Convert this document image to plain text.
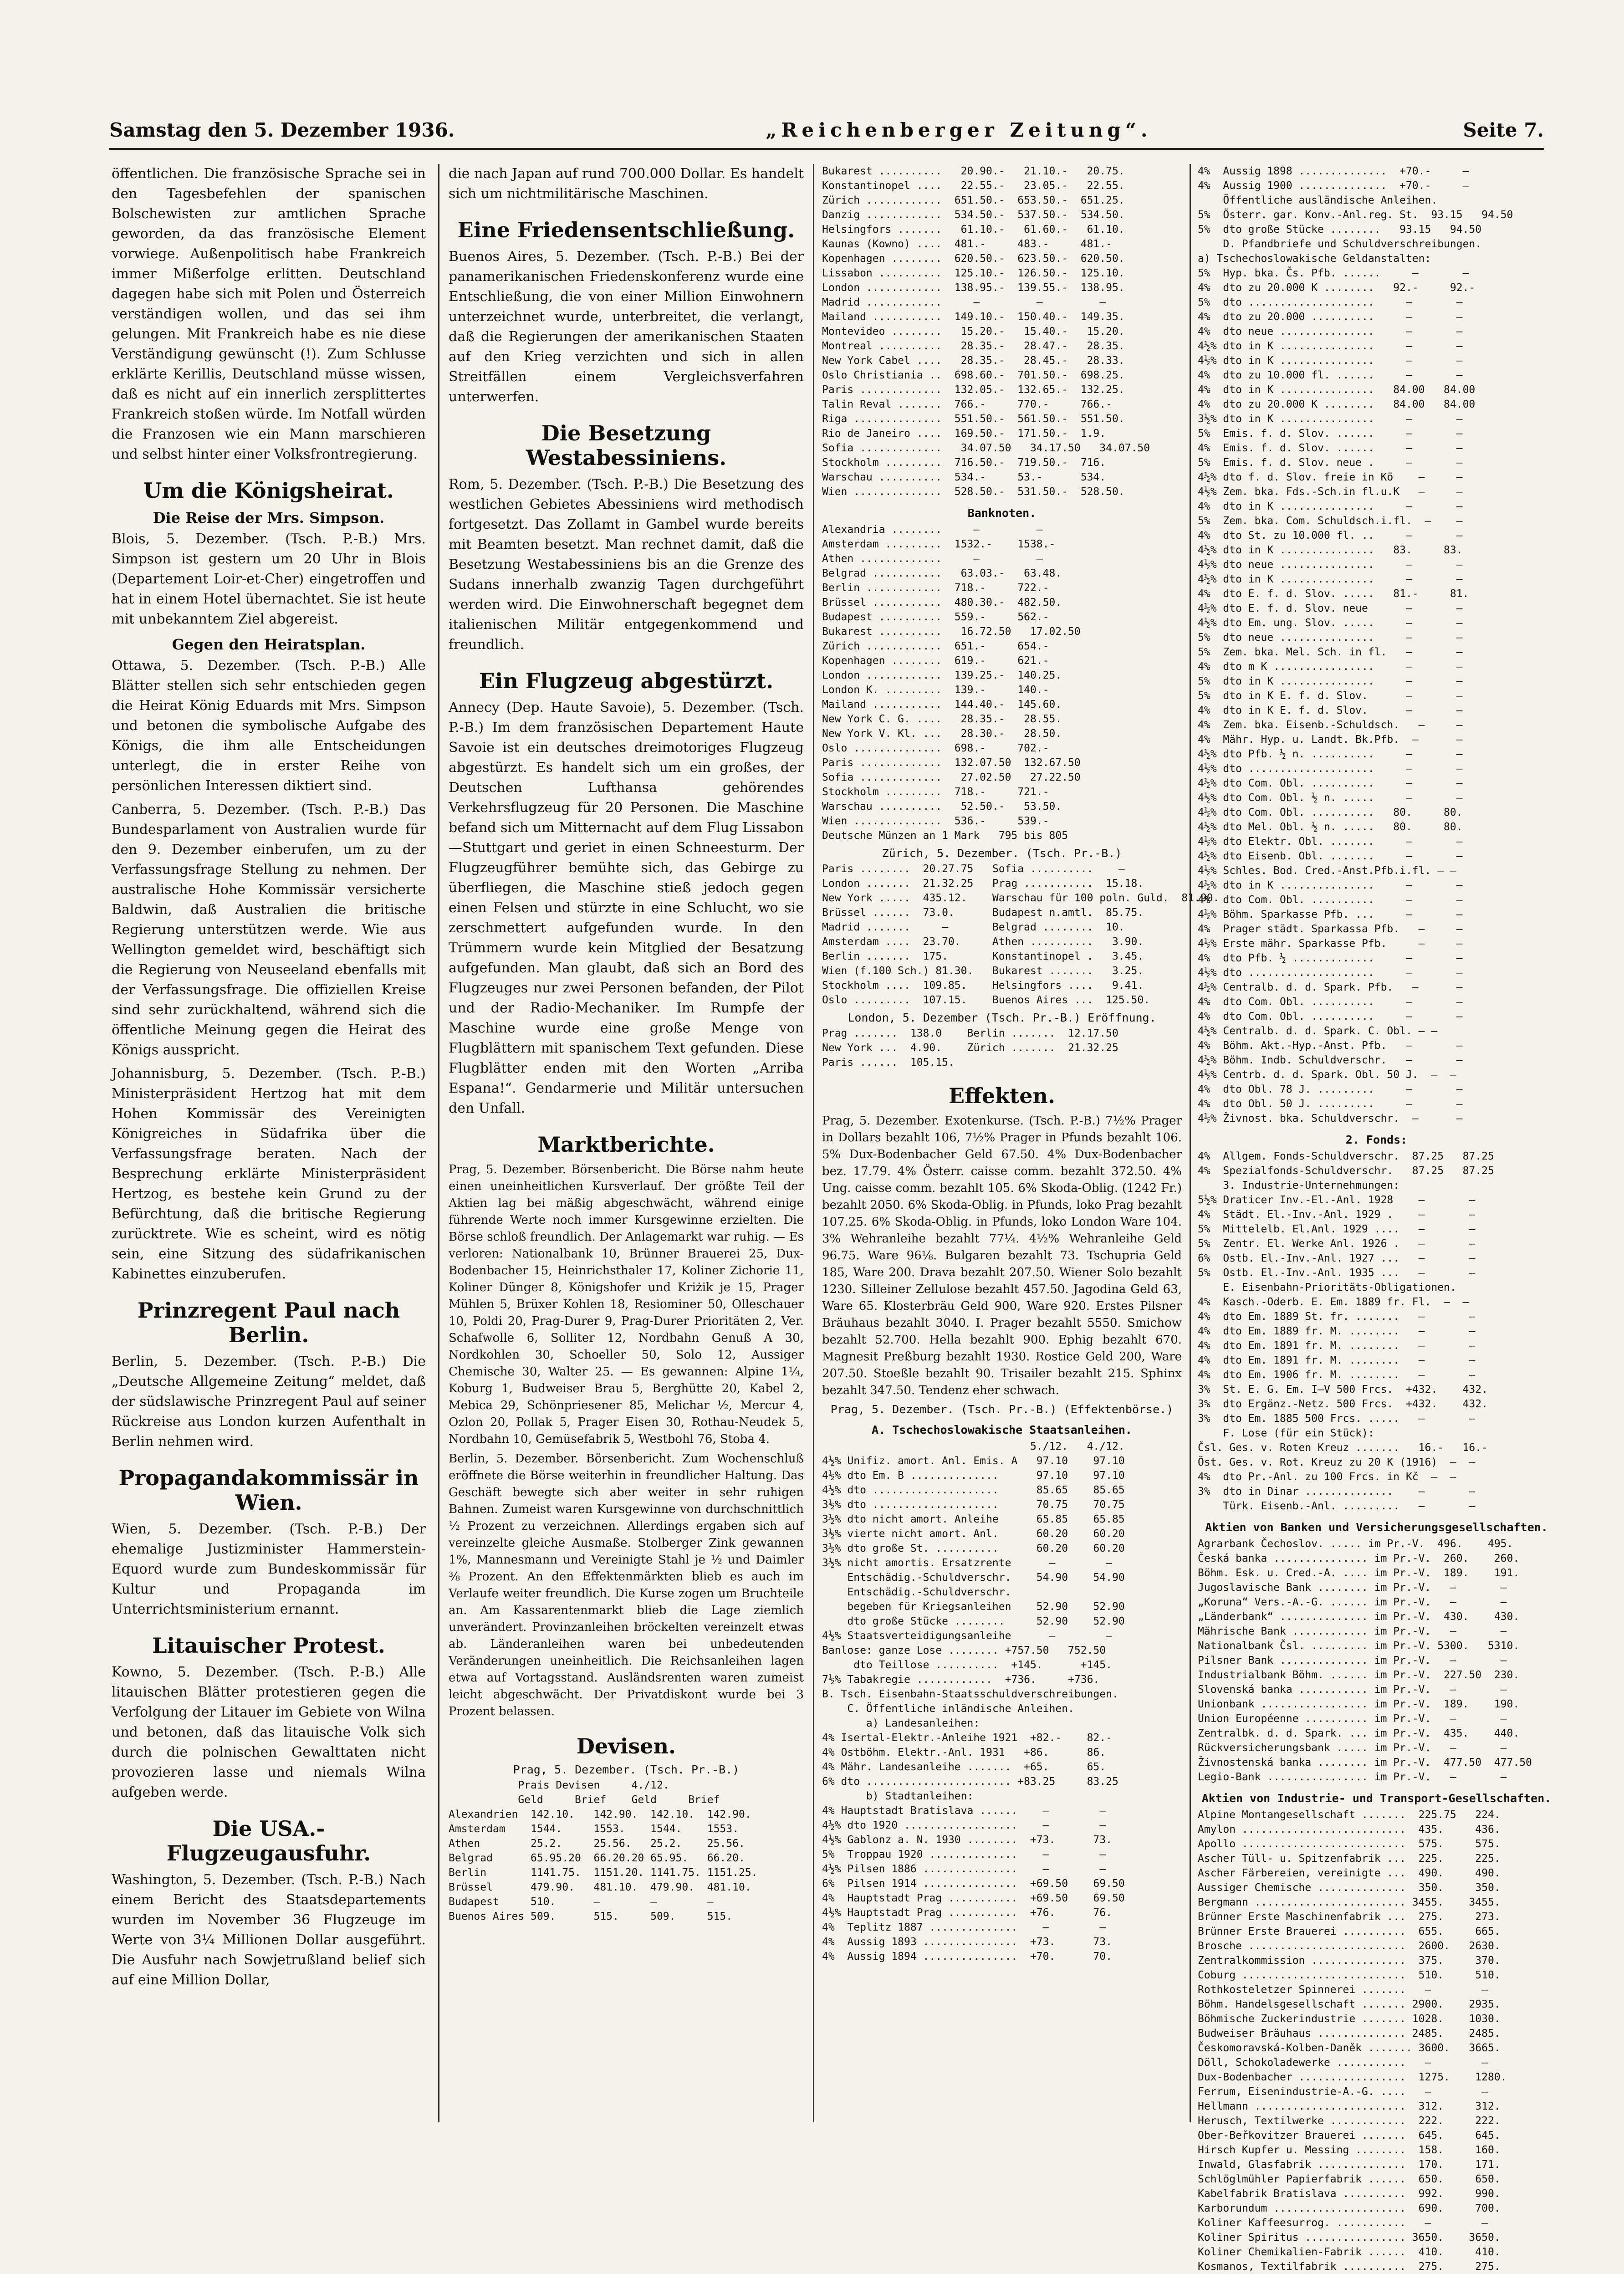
Samstag den 5. Dezember 1936.	„Reichenberger Zeitung“.	Seite 7.

öffentlichen. Die französische Sprache sei in den Tagesbefehlen der spanischen Bolschewisten zur amtlichen Sprache geworden, da das französische Element vorwiege. Außenpolitisch habe Frankreich immer Mißerfolge erlitten. Deutschland dagegen habe sich mit Polen und Österreich verständigen wollen, und das sei ihm gelungen. Mit Frankreich habe es nie diese Verständigung gewünscht (!). Zum Schlusse erklärte Kerillis, Deutschland müsse wissen, daß es nicht auf ein innerlich zersplittertes Frankreich stoßen würde. Im Notfall würden die Franzosen wie ein Mann marschieren und selbst hinter einer Volksfrontregierung.

Um die Königsheirat.
Die Reise der Mrs. Simpson.

Blois, 5. Dezember. (Tsch. P.-B.) Mrs. Simpson ist gestern um 20 Uhr in Blois (Departement Loir-et-Cher) eingetroffen und hat in einem Hotel übernachtet. Sie ist heute mit unbekanntem Ziel abgereist.

Gegen den Heiratsplan.

Ottawa, 5. Dezember. (Tsch. P.-B.) Alle Blätter stellen sich sehr entschieden gegen die Heirat König Eduards mit Mrs. Simpson und betonen die symbolische Aufgabe des Königs, die ihm alle Entscheidungen unterlegt, die in erster Reihe von persönlichen Interessen diktiert sind.

Canberra, 5. Dezember. (Tsch. P.-B.) Das Bundesparlament von Australien wurde für den 9. Dezember einberufen, um zu der Verfassungsfrage Stellung zu nehmen. Der australische Hohe Kommissär versicherte Baldwin, daß Australien die britische Regierung unterstützen werde. Wie aus Wellington gemeldet wird, beschäftigt sich die Regierung von Neuseeland ebenfalls mit der Verfassungsfrage. Die offiziellen Kreise sind sehr zurückhaltend, während sich die öffentliche Meinung gegen die Heirat des Königs ausspricht.

Johannisburg, 5. Dezember. (Tsch. P.-B.) Ministerpräsident Hertzog hat mit dem Hohen Kommissär des Vereinigten Königreiches in Südafrika über die Verfassungsfrage beraten. Nach der Besprechung erklärte Ministerpräsident Hertzog, es bestehe kein Grund zu der Befürchtung, daß die britische Regierung zurücktrete. Wie es scheint, wird es nötig sein, eine Sitzung des südafrikanischen Kabinettes einzuberufen.

Prinzregent Paul nach Berlin.

Berlin, 5. Dezember. (Tsch. P.-B.) Die „Deutsche Allgemeine Zeitung“ meldet, daß der südslawische Prinzregent Paul auf seiner Rückreise aus London kurzen Aufenthalt in Berlin nehmen wird.

Propagandakommissär in Wien.

Wien, 5. Dezember. (Tsch. P.-B.) Der ehemalige Justizminister Hammerstein-Equord wurde zum Bundeskommissär für Kultur und Propaganda im Unterrichtsministerium ernannt.

Litauischer Protest.

Kowno, 5. Dezember. (Tsch. P.-B.) Alle litauischen Blätter protestieren gegen die Verfolgung der Litauer im Gebiete von Wilna und betonen, daß das litauische Volk sich durch die polnischen Gewalttaten nicht provozieren lasse und niemals Wilna aufgeben werde.

Die USA.-Flugzeugausfuhr.

Washington, 5. Dezember. (Tsch. P.-B.) Nach einem Bericht des Staatsdepartements wurden im November 36 Flugzeuge im Werte von 3¼ Millionen Dollar ausgeführt. Die Ausfuhr nach Sowjetrußland belief sich auf eine Million Dollar,

die nach Japan auf rund 700.000 Dollar. Es handelt sich um nichtmilitärische Maschinen.

Eine Friedensentschließung.

Buenos Aires, 5. Dezember. (Tsch. P.-B.) Bei der panamerikanischen Friedenskonferenz wurde eine Entschließung, die von einer Million Einwohnern unterzeichnet wurde, unterbreitet, die verlangt, daß die Regierungen der amerikanischen Staaten auf den Krieg verzichten und sich in allen Streitfällen einem Vergleichsverfahren unterwerfen.

Die Besetzung Westabessiniens.

Rom, 5. Dezember. (Tsch. P.-B.) Die Besetzung des westlichen Gebietes Abessiniens wird methodisch fortgesetzt. Das Zollamt in Gambel wurde bereits mit Beamten besetzt. Man rechnet damit, daß die Besetzung Westabessiniens bis an die Grenze des Sudans innerhalb zwanzig Tagen durchgeführt werden wird. Die Einwohnerschaft begegnet dem italienischen Militär entgegenkommend und freundlich.

Ein Flugzeug abgestürzt.

Annecy (Dep. Haute Savoie), 5. Dezember. (Tsch. P.-B.) Im dem französischen Departement Haute Savoie ist ein deutsches dreimotoriges Flugzeug abgestürzt. Es handelt sich um ein großes, der Deutschen Lufthansa gehörendes Verkehrsflugzeug für 20 Personen. Die Maschine befand sich um Mitternacht auf dem Flug Lissabon—Stuttgart und geriet in einen Schneesturm. Der Flugzeugführer bemühte sich, das Gebirge zu überfliegen, die Maschine stieß jedoch gegen einen Felsen und stürzte in eine Schlucht, wo sie zerschmettert aufgefunden wurde. In den Trümmern wurde kein Mitglied der Besatzung aufgefunden. Man glaubt, daß sich an Bord des Flugzeuges nur zwei Personen befanden, der Pilot und der Radio-Mechaniker. Im Rumpfe der Maschine wurde eine große Menge von Flugblättern mit spanischem Text gefunden. Diese Flugblätter enden mit den Worten „Arriba Espana!“. Gendarmerie und Militär untersuchen den Unfall.

Marktberichte.

Prag, 5. Dezember. Börsenbericht. Die Börse nahm heute einen uneinheitlichen Kursverlauf. Der größte Teil der Aktien lag bei mäßig abgeschwächt, während einige führende Werte noch immer Kursgewinne erzielten. Die Börse schloß freundlich. Der Anlagemarkt war ruhig. — Es verloren: Nationalbank 10, Brünner Brauerei 25, Dux-Bodenbacher 15, Heinrichsthaler 17, Koliner Zichorie 11, Koliner Dünger 8, Königshofer und Kriżik je 15, Prager Mühlen 5, Brüxer Kohlen 18, Resiominer 50, Olleschauer 10, Poldi 20, Prag-Durer 9, Prag-Durer Prioritäten 2, Ver. Schafwolle 6, Solliter 12, Nordbahn Genuß A 30, Nordkohlen 30, Schoeller 50, Solo 12, Aussiger Chemische 30, Walter 25. — Es gewannen: Alpine 1¼, Koburg 1, Budweiser Brau 5, Berghütte 20, Kabel 2, Mebica 29, Schönpriesener 85, Melichar ½, Mercur 4, Ozlon 20, Pollak 5, Prager Eisen 30, Rothau-Neudek 5, Nordbahn 10, Gemüsefabrik 5, Westbohl 76, Stoba 4.

Berlin, 5. Dezember. Börsenbericht. Zum Wochenschluß eröffnete die Börse weiterhin in freundlicher Haltung. Das Geschäft bewegte sich aber weiter in sehr ruhigen Bahnen. Zumeist waren Kursgewinne von durchschnittlich ½ Prozent zu verzeichnen. Allerdings ergaben sich auf vereinzelte gleiche Ausmaße. Stolberger Zink gewannen 1%, Mannesmann und Vereinigte Stahl je ½ und Daimler ⅜ Prozent. An den Effektenmärkten blieb es auch im Verlaufe weiter freundlich. Die Kurse zogen um Bruchteile an. Am Kassarentenmarkt blieb die Lage ziemlich unverändert. Provinzanleihen bröckelten vereinzelt etwas ab. Länderanleihen waren bei unbedeutenden Veränderungen uneinheitlich. Die Reichsanleihen lagen etwa auf Vortagsstand. Ausländsrenten waren zumeist leicht abgeschwächt. Der Privatdiskont wurde bei 3 Prozent belassen.

Devisen.
Prag, 5. Dezember. (Tsch. Pr.-B.)
Prais Devisen     4./12.
Geld     Brief    Geld     Brief
Alexandrien  142.10.   142.90.  142.10.  142.90.
Amsterdam    1544.     1553.    1544.    1553.
Athen        25.2.     25.56.   25.2.    25.56.
Belgrad      65.95.20  66.20.20 65.95.   66.20.
Berlin       1141.75.  1151.20. 1141.75. 1151.25.
Brüssel      479.90.   481.10.  479.90.  481.10.
Budapest     510.      —        —        —
Buenos Aires 509.      515.     509.     515.
Bukarest ..........   20.90.-   21.10.-   20.75.
Konstantinopel ....   22.55.-   23.05.-   22.55.
Zürich ............  651.50.-  653.50.-  651.25.
Danzig ............  534.50.-  537.50.-  534.50.
Helsingfors .......   61.10.-   61.60.-   61.10.
Kaunas (Kowno) ....  481.-     483.-     481.-
Kopenhagen ........  620.50.-  623.50.-  620.50.
Lissabon ..........  125.10.-  126.50.-  125.10.
London ............  138.95.-  139.55.-  138.95.
Madrid ............     —         —         —
Mailand ...........  149.10.-  150.40.-  149.35.
Montevideo ........   15.20.-   15.40.-   15.20.
Montreal ..........   28.35.-   28.47.-   28.35.
New York Cabel ....   28.35.-   28.45.-   28.33.
Oslo Christiania ..  698.60.-  701.50.-  698.25.
Paris .............  132.05.-  132.65.-  132.25.
Talin Reval .......  766.-     770.-     766.-
Riga ..............  551.50.-  561.50.-  551.50.
Rio de Janeiro ....  169.50.-  171.50.-  1.9.
Sofia .............   34.07.50   34.17.50   34.07.50
Stockholm .........  716.50.-  719.50.-  716.
Warschau ..........  534.-     53.-      534.
Wien ..............  528.50.-  531.50.-  528.50.
Banknoten.
Alexandria ........     —         —
Amsterdam .........  1532.-    1538.-
Athen .............     —         —
Belgrad ...........   63.03.-   63.48.
Berlin ............  718.-     722.-
Brüssel ...........  480.30.-  482.50.
Budapest ..........  559.-     562.-
Bukarest ..........   16.72.50   17.02.50
Zürich ............  651.-     654.-
Kopenhagen ........  619.-     621.-
London ............  139.25.-  140.25.
London K. .........  139.-     140.-
Mailand ...........  144.40.-  145.60.
New York C. G. ....   28.35.-   28.55.
New York V. Kl. ...   28.30.-   28.50.
Oslo ..............  698.-     702.-
Paris .............  132.07.50  132.67.50
Sofia .............   27.02.50   27.22.50
Stockholm .........  718.-     721.-
Warschau ..........   52.50.-   53.50.
Wien ..............  536.-     539.-
Deutsche Münzen an 1 Mark   795 bis 805
Zürich, 5. Dezember. (Tsch. Pr.-B.)
Paris ........  20.27.75   Sofia ..........    —
London .......  21.32.25   Prag ...........  15.18.
New York .....  435.12.    Warschau für 100 poln. Guld.  81.90.
Brüssel ......  73.0.      Budapest n.amtl.  85.75.
Madrid .......     —       Belgrad ........  10.
Amsterdam ....  23.70.     Athen ..........   3.90.
Berlin .......  175.       Konstantinopel .   3.45.
Wien (f.100 Sch.) 81.30.   Bukarest .......   3.25.
Stockholm ....  109.85.    Helsingfors ....   9.41.
Oslo .........  107.15.    Buenos Aires ...  125.50.
London, 5. Dezember (Tsch. Pr.-B.) Eröffnung.
Prag .......  138.0    Berlin .......  12.17.50
New York ...  4.90.    Zürich .......  21.32.25
Paris ......  105.15.
Effekten.

Prag, 5. Dezember. Exotenkurse. (Tsch. P.-B.) 7½% Prager in Dollars bezahlt 106, 7½% Prager in Pfunds bezahlt 106. 5% Dux-Bodenbacher Geld 67.50. 4% Dux-Bodenbacher bez. 17.79. 4% Österr. caisse comm. bezahlt 372.50. 4% Ung. caisse comm. bezahlt 105. 6% Skoda-Oblig. (1242 Fr.) bezahlt 2050. 6% Skoda-Oblig. in Pfunds, loko Prag bezahlt 107.25. 6% Skoda-Oblig. in Pfunds, loko London Ware 104. 3% Wehranleihe bezahlt 77¼. 4½% Wehranleihe Geld 96.75. Ware 96⅛. Bulgaren bezahlt 73. Tschupria Geld 185, Ware 200. Drava bezahlt 207.50. Wiener Solo bezahlt 1230. Silleiner Zellulose bezahlt 457.50. Jagodina Geld 63, Ware 65. Klosterbräu Geld 900, Ware 920. Erstes Pilsner Bräuhaus bezahlt 3040. I. Prager bezahlt 5550. Smichow bezahlt 52.700. Hella bezahlt 900. Ephig bezahlt 670. Magnesit Preßburg bezahlt 1930. Rostice Geld 200, Ware 207.50. Stoeßle bezahlt 90. Trisailer bezahlt 215. Sphinx bezahlt 347.50. Tendenz eher schwach.

Prag, 5. Dezember. (Tsch. Pr.-B.) (Effektenbörse.)
A. Tschechoslowakische Staatsanleihen.
5./12.   4./12.
4½% Unifiz. amort. Anl. Emis. A   97.10    97.10
4½% dto Em. B ..............      97.10    97.10
4½% dto ....................      85.65    85.65
3½% dto ....................      70.75    70.75
3½% dto nicht amort. Anleihe      65.85    65.85
3½% vierte nicht amort. Anl.      60.20    60.20
3½% dto große St. ..........      60.20    60.20
3½% nicht amortis. Ersatzrente      —        —
Entschädig.-Schuldverschr.    54.90    54.90
Entschädig.-Schuldverschr.
begeben für Kriegsanleihen    52.90    52.90
dto große Stücke ........     52.90    52.90
4½% Staatsverteidigungsanleihe      —        —
Banlose: ganze Lose ........ +757.50   752.50
dto Teillose ..........  +145.      +145.
7½% Tabakregie ............  +736.     +736.
B. Tsch. Eisenbahn-Staatsschuldverschreibungen.
C. Öffentliche inländische Anleihen.
a) Landesanleihen:
4% Isertal-Elektr.-Anleihe 1921  +82.-    82.-
4% Ostböhm. Elektr.-Anl. 1931   +86.      86.
4% Mähr. Landesanleihe .......  +65.      65.
6% dto ....................... +83.25     83.25
b) Stadtanleihen:
4% Hauptstadt Bratislava ......    —        —
4½% dto 1920 ..................    —        —
4½% Gablonz a. N. 1930 ........  +73.      73.
5%  Troppau 1920 ..............    —        —
4½% Pilsen 1886 ...............    —        —
6%  Pilsen 1914 ...............  +69.50    69.50
4%  Hauptstadt Prag ...........  +69.50    69.50
4½% Hauptstadt Prag ...........  +76.      76.
4%  Teplitz 1887 ..............    —        —
4%  Aussig 1893 ...............  +73.      73.
4%  Aussig 1894 ...............  +70.      70.
4%  Aussig 1898 ..............  +70.-     —
4%  Aussig 1900 ..............  +70.-     —
Öffentliche ausländische Anleihen.
5%  Österr. gar. Konv.-Anl.reg. St.  93.15   94.50
5%  dto große Stücke ........   93.15   94.50
D. Pfandbriefe und Schuldverschreibungen.
a) Tschechoslowakische Geldanstalten:
5%  Hyp. bka. Čs. Pfb. ......     —       —
4%  dto zu 20.000 K ........   92.-     92.-
5%  dto ....................     —       —
4%  dto zu 20.000 ..........     —       —
4%  dto neue ...............     —       —
4½% dto in K ...............     —       —
4½% dto in K ...............     —       —
4%  dto zu 10.000 fl. ......     —       —
4%  dto in K ...............   84.00   84.00
4%  dto zu 20.000 K ........   84.00   84.00
3½% dto in K ...............     —       —
5%  Emis. f. d. Slov. ......     —       —
4%  Emis. f. d. Slov. ......     —       —
5%  Emis. f. d. Slov. neue .     —       —
4½% dto f. d. Slov. freie in Kö    —     —
4½% Zem. bka. Fds.-Sch.in fl.u.K   —     —
4%  dto in K ...............     —       —
5%  Zem. bka. Com. Schuldsch.i.fl.  —    —
4%  dto St. zu 10.000 fl. ..     —       —
4½% dto in K ...............   83.     83.
4½% dto neue ...............     —       —
4½% dto in K ...............     —       —
4%  dto E. f. d. Slov. .....   81.-     81.
4½% dto E. f. d. Slov. neue      —       —
4½% dto Em. ung. Slov. .....     —       —
5%  dto neue ...............     —       —
5%  Zem. bka. Mel. Sch. in fl.   —       —
4%  dto m K ................     —       —
5%  dto in K ...............     —       —
5%  dto in K E. f. d. Slov.      —       —
4%  dto in K E. f. d. Slov.      —       —
4%  Zem. bka. Eisenb.-Schuldsch.   —     —
4%  Mähr. Hyp. u. Landt. Bk.Pfb.  —      —
4½% dto Pfb. ½ n. ..........     —       —
4½% dto ....................     —       —
4½% dto Com. Obl. ..........     —       —
4½% dto Com. Obl. ½ n. .....     —       —
4½% dto Com. Obl. ..........   80.     80.
4½% dto Mel. Obl. ½ n. .....   80.     80.
4½% dto Elektr. Obl. .......     —       —
4½% dto Eisenb. Obl. .......     —       —
4½% Schles. Bod. Cred.-Anst.Pfb.i.fl. — —
4½% dto in K ...............     —       —
4%  dto Com. Obl. ..........     —       —
4½% Böhm. Sparkasse Pfb. ...     —       —
4%  Prager städt. Sparkassa Pfb.   —     —
4½% Erste mähr. Sparkasse Pfb.     —     —
4%  dto Pfb. ½ .............     —       —
4½% dto ....................     —       —
4½% Centralb. d. d. Spark. Pfb.   —      —
4%  dto Com. Obl. ..........     —       —
4%  dto Com. Obl. ..........     —       —
4½% Centralb. d. d. Spark. C. Obl. — —
4%  Böhm. Akt.-Hyp.-Anst. Pfb.   —       —
4½% Böhm. Indb. Schuldverschr.   —       —
4½% Centrb. d. d. Spark. Obl. 50 J.  —  —
4%  dto Obl. 78 J. .........     —       —
4%  dto Obl. 50 J. .........     —       —
4½% Živnost. bka. Schuldverschr.  —      —
2. Fonds:
4%  Allgem. Fonds-Schuldverschr.  87.25   87.25
4%  Spezialfonds-Schuldverschr.   87.25   87.25
3. Industrie-Unternehmungen:
5½% Draticer Inv.-El.-Anl. 1928    —       —
4%  Städt. El.-Inv.-Anl. 1929 .    —       —
5%  Mittelelb. El.Anl. 1929 ....   —       —
5%  Zentr. El. Werke Anl. 1926 .   —       —
6%  Ostb. El.-Inv.-Anl. 1927 ...   —       —
5%  Ostb. El.-Inv.-Anl. 1935 ...   —       —
E. Eisenbahn-Prioritäts-Obligationen.
4%  Kasch.-Oderb. E. Em. 1889 fr. Fl.  —  —
4%  dto Em. 1889 St. fr. .......   —       —
4%  dto Em. 1889 fr. M. ........   —       —
4%  dto Em. 1891 fr. M. ........   —       —
4%  dto Em. 1891 fr. M. ........   —       —
4%  dto Em. 1906 fr. M. ........   —       —
3%  St. E. G. Em. I—V 500 Frcs.  +432.    432.
3%  dto Ergänz.-Netz. 500 Frcs.  +432.    432.
3%  dto Em. 1885 500 Frcs. .....   —       —
F. Lose (für ein Stück):
Čsl. Ges. v. Roten Kreuz .......   16.-   16.-
Öst. Ges. v. Rot. Kreuz zu 20 K (1916)  —  —
4%  dto Pr.-Anl. zu 100 Frcs. in Kč  —  —
3%  dto in Dinar ..............    —       —
Türk. Eisenb.-Anl. .........   —       —
Aktien von Banken und Versicherungsgesellschaften.
Agrarbank Čechoslov. ..... im Pr.-V.  496.    495.
Česká banka ............... im Pr.-V.  260.    260.
Böhm. Esk. u. Cred.-A. .... im Pr.-V.  189.    191.
Jugoslavische Bank ........ im Pr.-V.   —       —
„Koruna“ Vers.-A.-G. ...... im Pr.-V.   —       —
„Länderbank“ .............. im Pr.-V.  430.    430.
Mährische Bank ............ im Pr.-V.   —       —
Nationalbank Čsl. ......... im Pr.-V. 5300.   5310.
Pilsner Bank .............. im Pr.-V.   —       —
Industrialbank Böhm. ...... im Pr.-V.  227.50  230.
Slovenská banka ........... im Pr.-V.   —       —
Unionbank ................. im Pr.-V.  189.    190.
Union Européenne .......... im Pr.-V.   —       —
Zentralbk. d. d. Spark. ... im Pr.-V.  435.    440.
Rückversicherungsbank ..... im Pr.-V.   —       —
Živnostenská banka ........ im Pr.-V.  477.50  477.50
Legio-Bank ................ im Pr.-V.   —       —
Aktien von Industrie- und Transport-Gesellschaften.
Alpine Montangesellschaft .......  225.75   224.
Amylon ..........................  435.     436.
Apollo ..........................  575.     575.
Ascher Tüll- u. Spitzenfabrik ...  225.     225.
Ascher Färbereien, vereinigte ...  490.     490.
Aussiger Chemische ..............  350.     350.
Bergmann ........................ 3455.    3455.
Brünner Erste Maschinenfabrik ...  275.     273.
Brünner Erste Brauerei ..........  655.     665.
Brosche .........................  2600.   2630.
Zentralkommission ...............  375.     370.
Coburg ..........................  510.     510.
Rothkosteletzer Spinnerei .......   —        —
Böhm. Handelsgesellschaft ....... 2900.    2935.
Böhmische Zuckerindustrie ....... 1028.    1030.
Budweiser Bräuhaus .............. 2485.    2485.
Českomoravská-Kolben-Daněk ....... 3600.   3665.
Döll, Schokoladewerke ...........   —        —
Dux-Bodenbacher .................  1275.    1280.
Ferrum, Eisenindustrie-A.-G. ....   —        —
Hellmann ........................  312.     312.
Herusch, Textilwerke ............  222.     222.
Ober-Beřkovitzer Brauerei .......  645.     645.
Hirsch Kupfer u. Messing ........  158.     160.
Inwald, Glasfabrik ..............  170.     171.
Schlöglmühler Papierfabrik ......  650.     650.
Kabelfabrik Bratislava ..........  992.     990.
Karborundum .....................  690.     700.
Koliner Kaffeesurrog. ...........   —        —
Koliner Spiritus ................ 3650.    3650.
Koliner Chemikalien-Fabrik ......  410.     410.
Kosmanos, Textilfabrik ..........  275.     275.
